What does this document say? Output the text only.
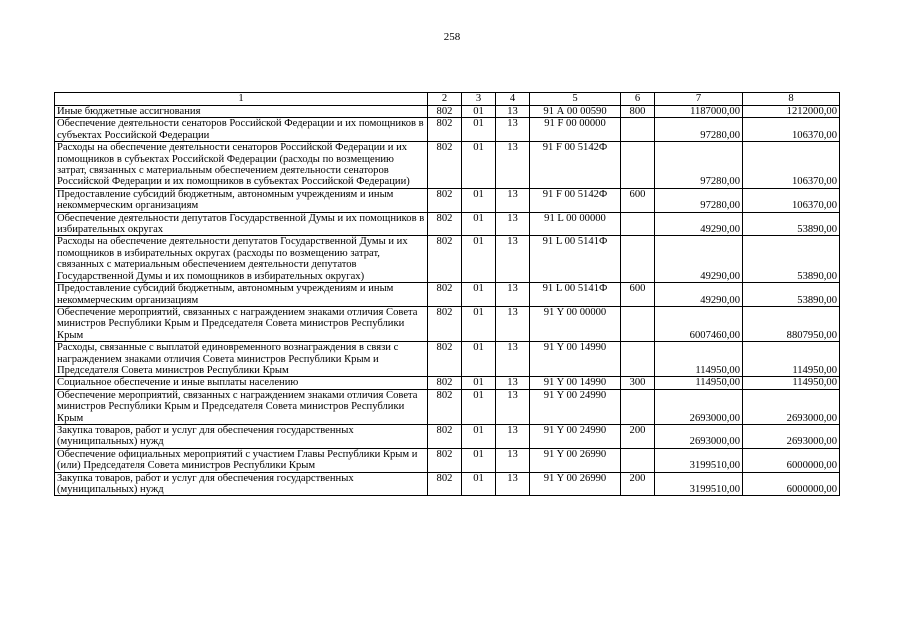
258
1	2	3	4	5	6	7	8
Иные бюджетные ассигнования	802	01	13	91 А 00 00590	800	1187000,00	1212000,00
Обеспечение деятельности сенаторов Российской Федерации и их помощников в субъектах Российской Федерации	802	01	13	91 F 00 00000		97280,00	106370,00
Расходы на обеспечение деятельности сенаторов Российской Федерации и их помощников в субъектах Российской Федерации (расходы по возмещению затрат, связанных с материальным обеспечением деятельности сенаторов Российской Федерации и их помощников в субъектах Российской Федерации)	802	01	13	91 F 00 5142Ф		97280,00	106370,00
Предоставление субсидий бюджетным, автономным учреждениям и иным некоммерческим организациям	802	01	13	91 F 00 5142Ф	600	97280,00	106370,00
Обеспечение деятельности депутатов Государственной Думы и их помощников в избирательных округах	802	01	13	91 L 00 00000		49290,00	53890,00
Расходы на обеспечение деятельности депутатов Государственной Думы и их помощников в избирательных округах (расходы по возмещению затрат, связанных с материальным обеспечением деятельности депутатов Государственной Думы и их помощников в избирательных округах)	802	01	13	91 L 00 5141Ф		49290,00	53890,00
Предоставление субсидий бюджетным, автономным учреждениям и иным некоммерческим организациям	802	01	13	91 L 00 5141Ф	600	49290,00	53890,00
Обеспечение мероприятий, связанных с награждением знаками отличия Совета министров Республики Крым и Председателя Совета министров Республики Крым	802	01	13	91 Y 00 00000		6007460,00	8807950,00
Расходы, связанные с выплатой единовременного вознаграждения в связи с награждением знаками отличия Совета министров Республики Крым и Председателя Совета министров Республики Крым	802	01	13	91 Y 00 14990		114950,00	114950,00
Социальное обеспечение и иные выплаты населению	802	01	13	91 Y 00 14990	300	114950,00	114950,00
Обеспечение мероприятий, связанных с награждением знаками отличия Совета министров Республики Крым и Председателя Совета министров Республики Крым	802	01	13	91 Y 00 24990		2693000,00	2693000,00
Закупка товаров, работ и услуг для обеспечения государственных (муниципальных) нужд	802	01	13	91 Y 00 24990	200	2693000,00	2693000,00
Обеспечение официальных мероприятий с участием Главы Республики Крым и (или) Председателя Совета министров Республики Крым	802	01	13	91 Y 00 26990		3199510,00	6000000,00
Закупка товаров, работ и услуг для обеспечения государственных (муниципальных) нужд	802	01	13	91 Y 00 26990	200	3199510,00	6000000,00
